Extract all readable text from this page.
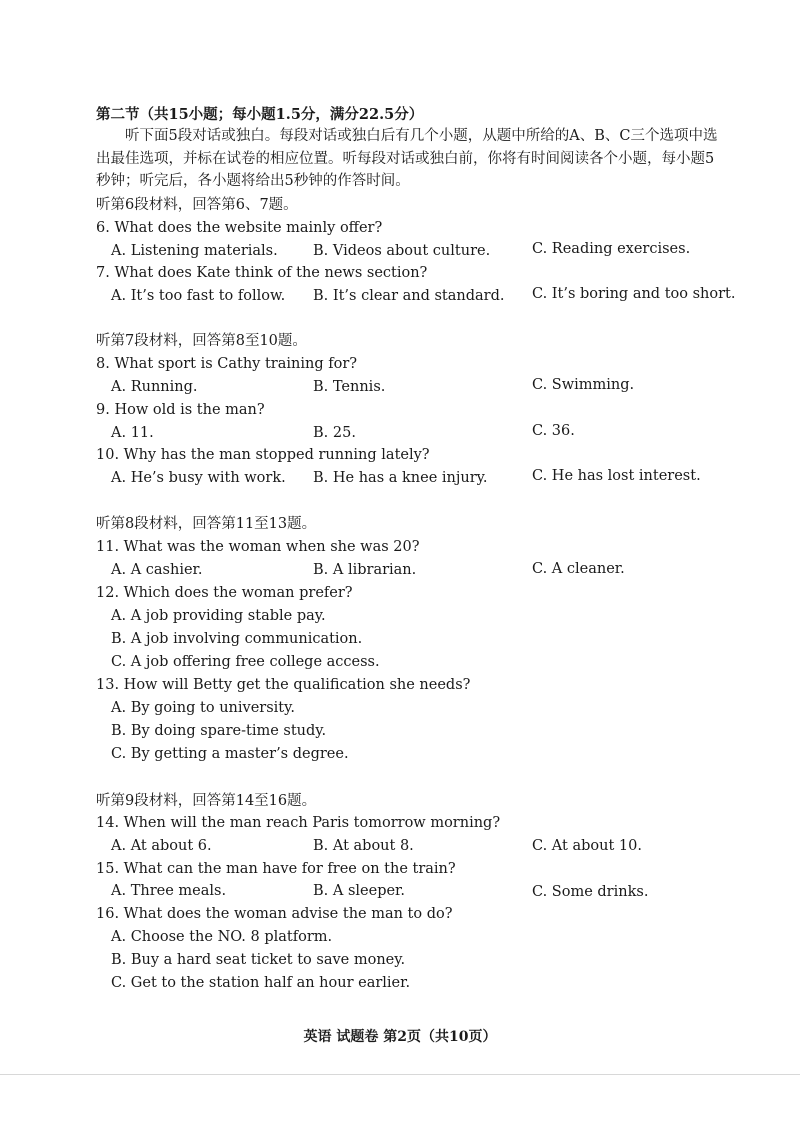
第二节（共15小题；每小题1.5分，满分22.5分）
听下面5段对话或独白。每段对话或独白后有几个小题，从题中所给的A、B、C三个选项中选出最佳选项，并标在试卷的相应位置。听每段对话或独白前，你将有时间阅读各个小题，每小题5秒钟；听完后，各小题将给出5秒钟的作答时间。
听第6段材料，回答第6、7题。
6. What does the website mainly offer?
A. Listening materials. B. Videos about culture.	C. Reading exercises.
7. What does Kate think of the news section?
A. It’s too fast to follow. B. It’s clear and standard. C. It’s boring and too short.
听第7段材料，回答第8至10题。
8. What sport is Cathy training for?
A. Running.	B. Tennis.	C. Swimming.
9. How old is the man?
A. 11.	B. 25.	C. 36.
10. Why has the man stopped running lately?
A. He’s busy with work. B. He has a knee injury.	C. He has lost interest.
听第8段材料，回答第11至13题。
11. What was the woman when she was 20?
A. A cashier.	B. A librarian.	C. A cleaner.
12. Which does the woman prefer?
A. A job providing stable pay.
B. A job involving communication.
C. A job offering free college access.
13. How will Betty get the qualification she needs?
A. By going to university.
B. By doing spare-time study.
C. By getting a master’s degree.
听第9段材料，回答第14至16题。
14. When will the man reach Paris tomorrow morning?
A. At about 6.	B. At about 8.	C. At about 10.
15. What can the man have for free on the train?
A. Three meals.	B. A sleeper.	C. Some drinks.
16. What does the woman advise the man to do?
A. Choose the NO. 8 platform.
B. Buy a hard seat ticket to save money.
C. Get to the station half an hour earlier.
英语 试题卷 第2页（共10页）
